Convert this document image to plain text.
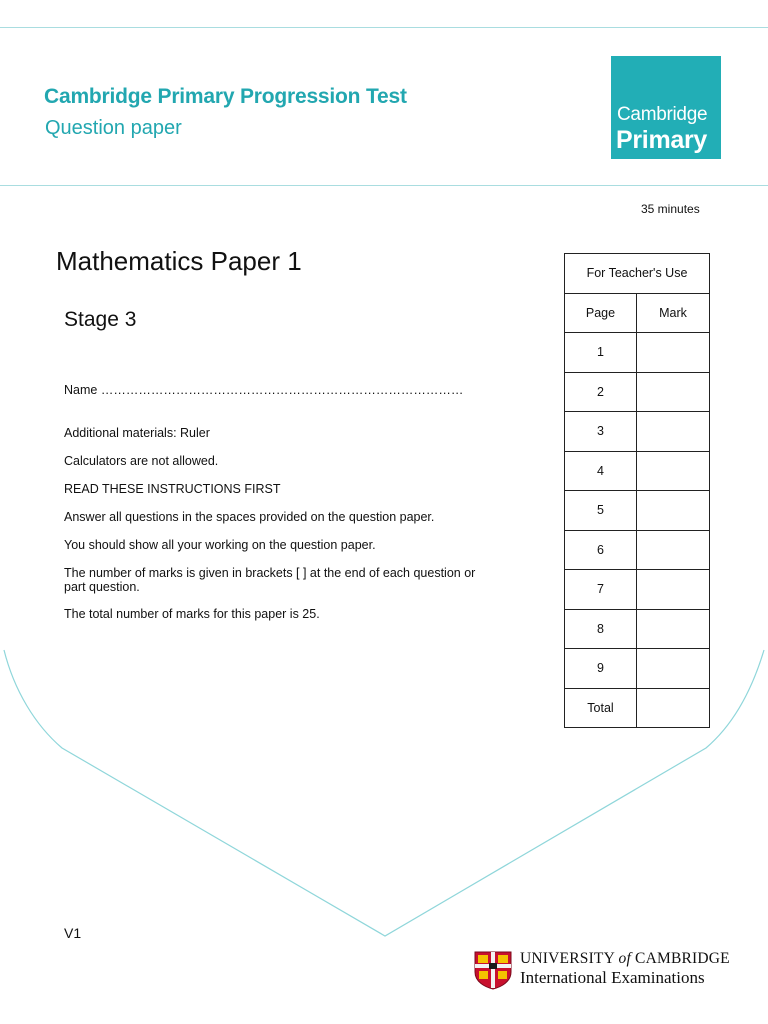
Cambridge Primary Progression Test
Question paper
Cambridge
Primary
35 minutes
Mathematics Paper 1
Stage 3
Name ……………………………………………………………………………
Additional materials: Ruler
Calculators are not allowed.
READ THESE INSTRUCTIONS FIRST
Answer all questions in the spaces provided on the question paper.
You should show all your working on the question paper.
The number of marks is given in brackets [ ] at the end of each question or part question.
The total number of marks for this paper is 25.
For Teacher's Use	
Page	Mark
1	
2	
3	
4	
5	
6	
7	
8	
9	
Total	
V1
UNIVERSITY of CAMBRIDGE
International Examinations
